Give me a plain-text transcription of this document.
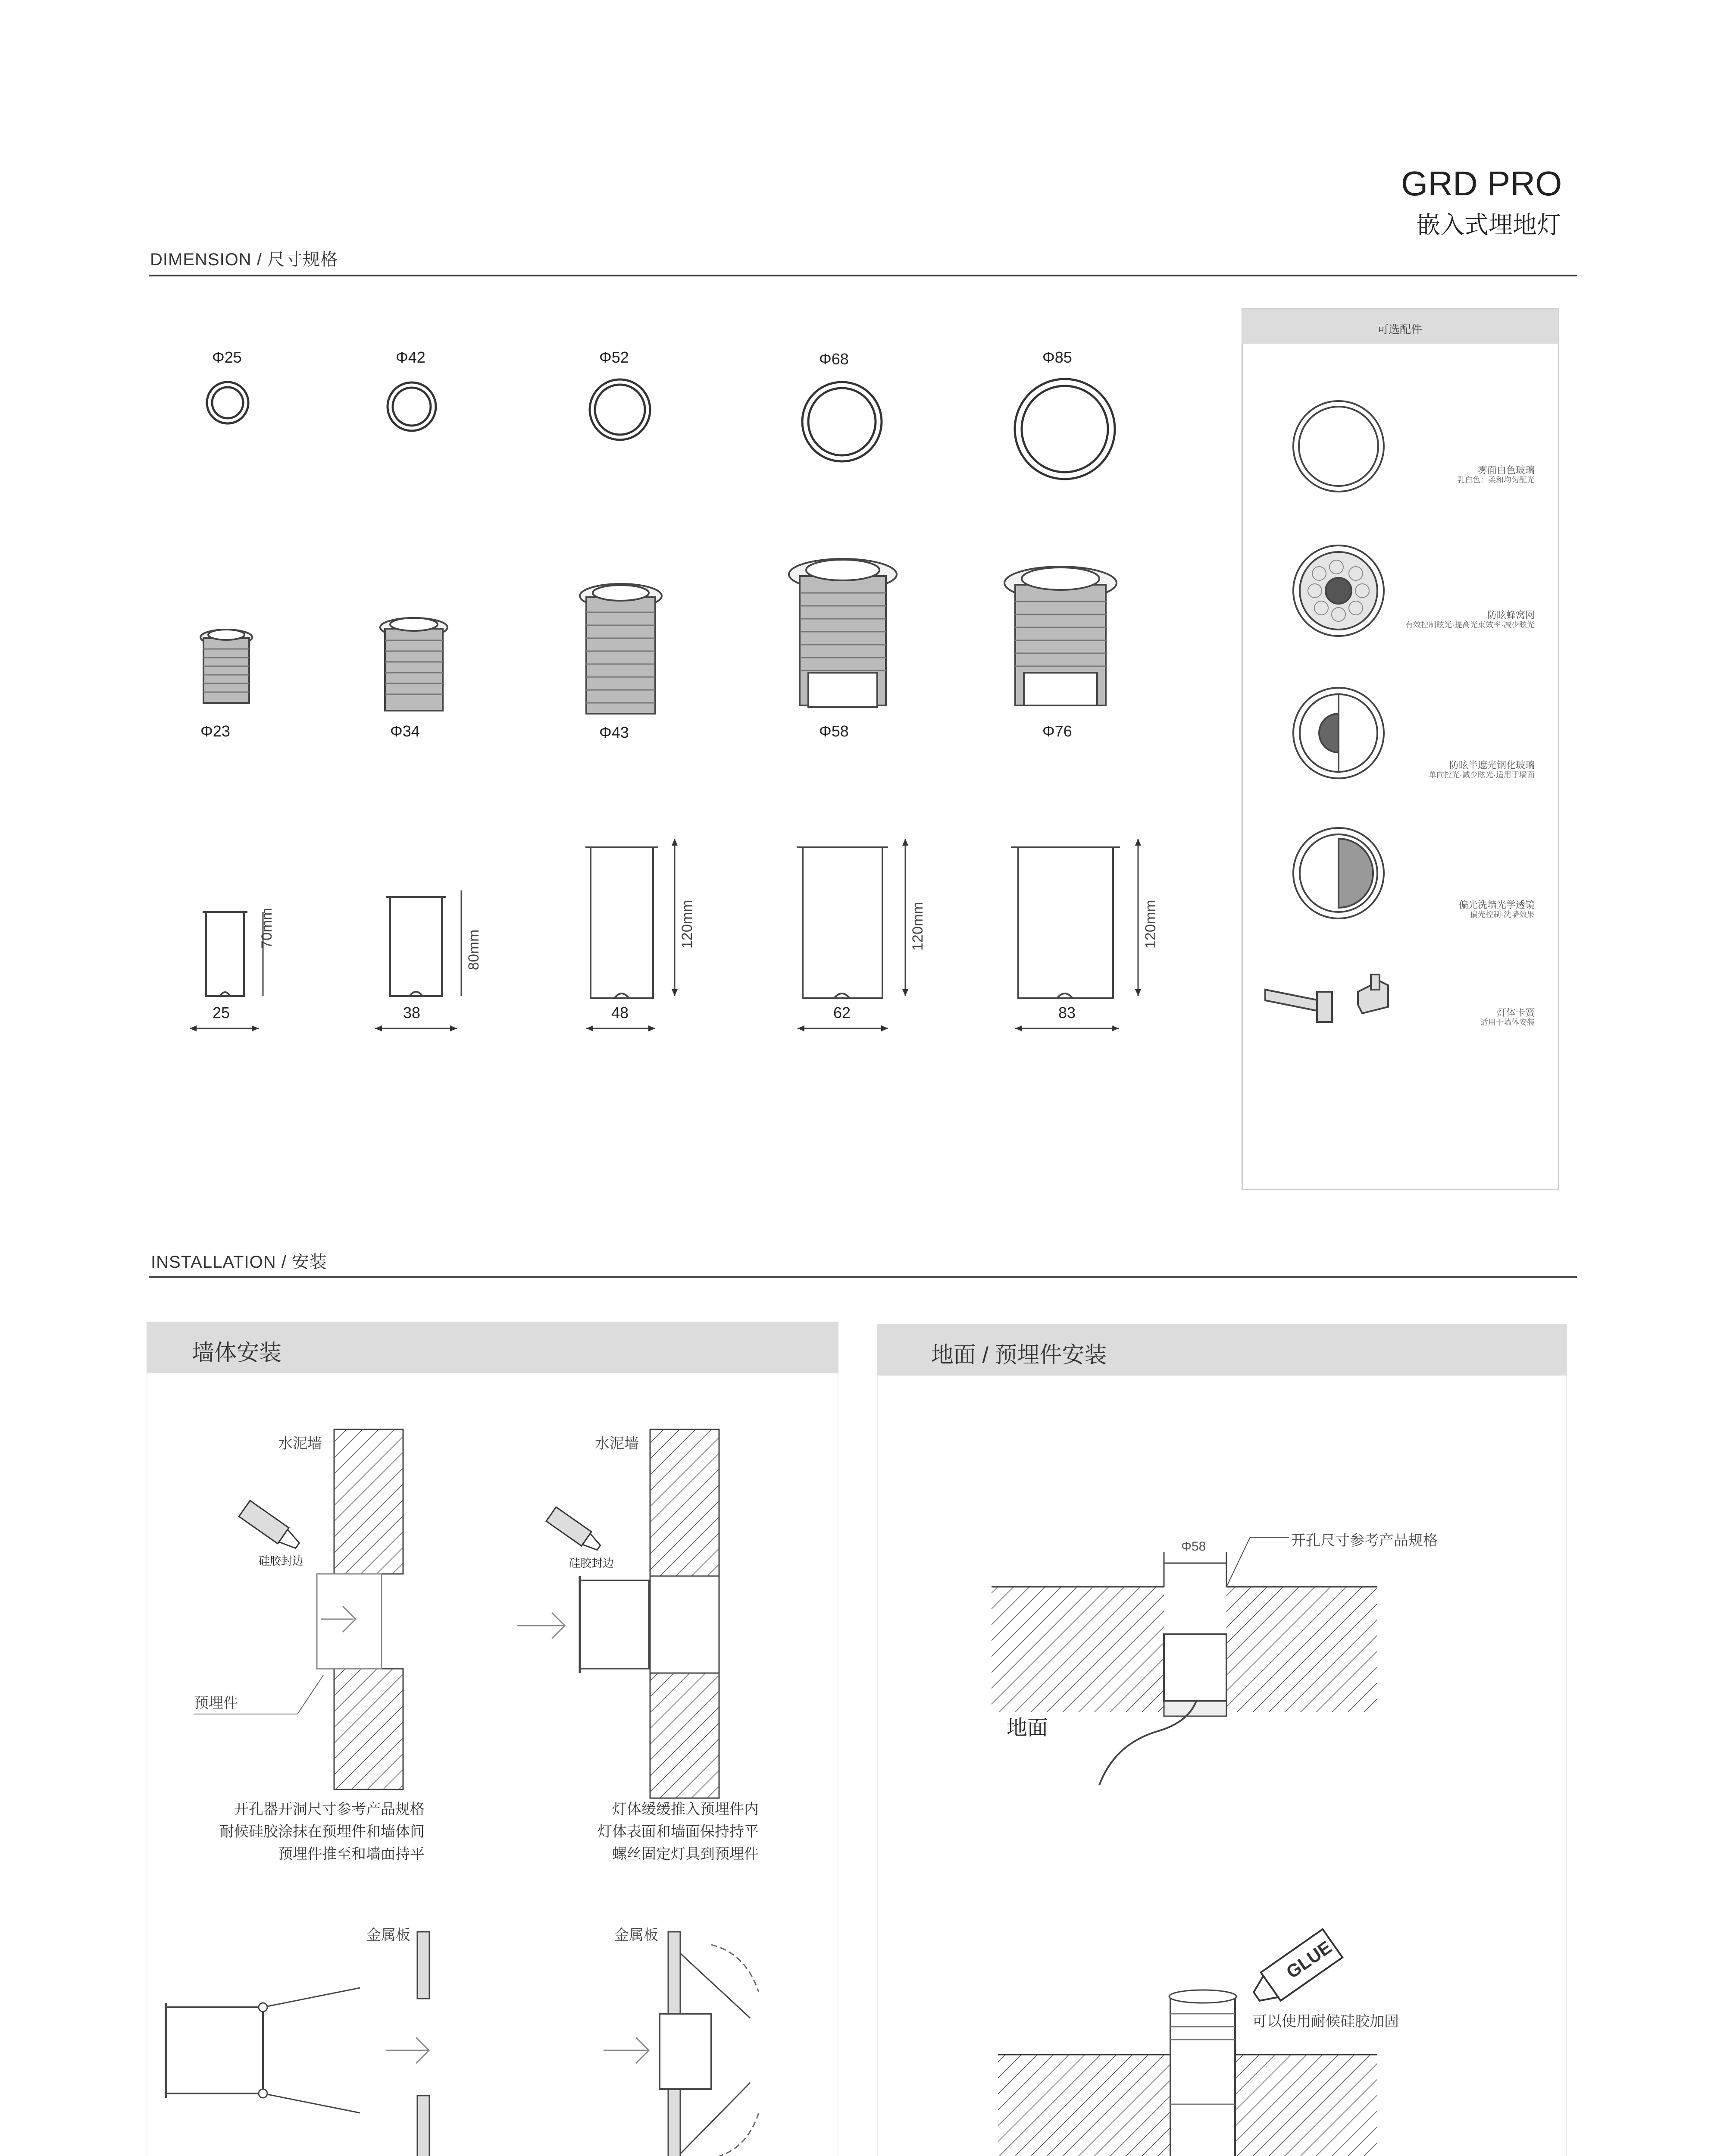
GRD PRO
嵌入式埋地灯
DIMENSION / 尺寸规格
Φ25	Φ42	Φ52	Φ68	Φ85
Φ23	Φ34	Φ43	Φ58	Φ76
70mm
80mm
120mm	120mm	120mm
25	38	48	62	83
可选配件
雾面白色玻璃
乳白色：柔和均匀配光
防眩蜂窝网
有效控制眩光·提高光束效率·减少眩光
防眩半遮光钢化玻璃
单向控光·减少眩光·适用于墙面
偏光洗墙光学透镜
偏光控制·洗墙效果
灯体卡簧
适用于墙体安装
INSTALLATION / 安装
墙体安装	地面 / 预埋件安装
GLUE
水泥墙	水泥墙
硅胶封边	硅胶封边
预埋件
金属板	金属板
开孔器开洞尺寸参考产品规格
耐候硅胶涂抹在预埋件和墙体间
预埋件推至和墙面持平
灯体缓缓推入预埋件内
灯体表面和墙面保持持平
螺丝固定灯具到预埋件
开孔尺寸参考产品规格
Φ58
地面
可以使用耐候硅胶加固
